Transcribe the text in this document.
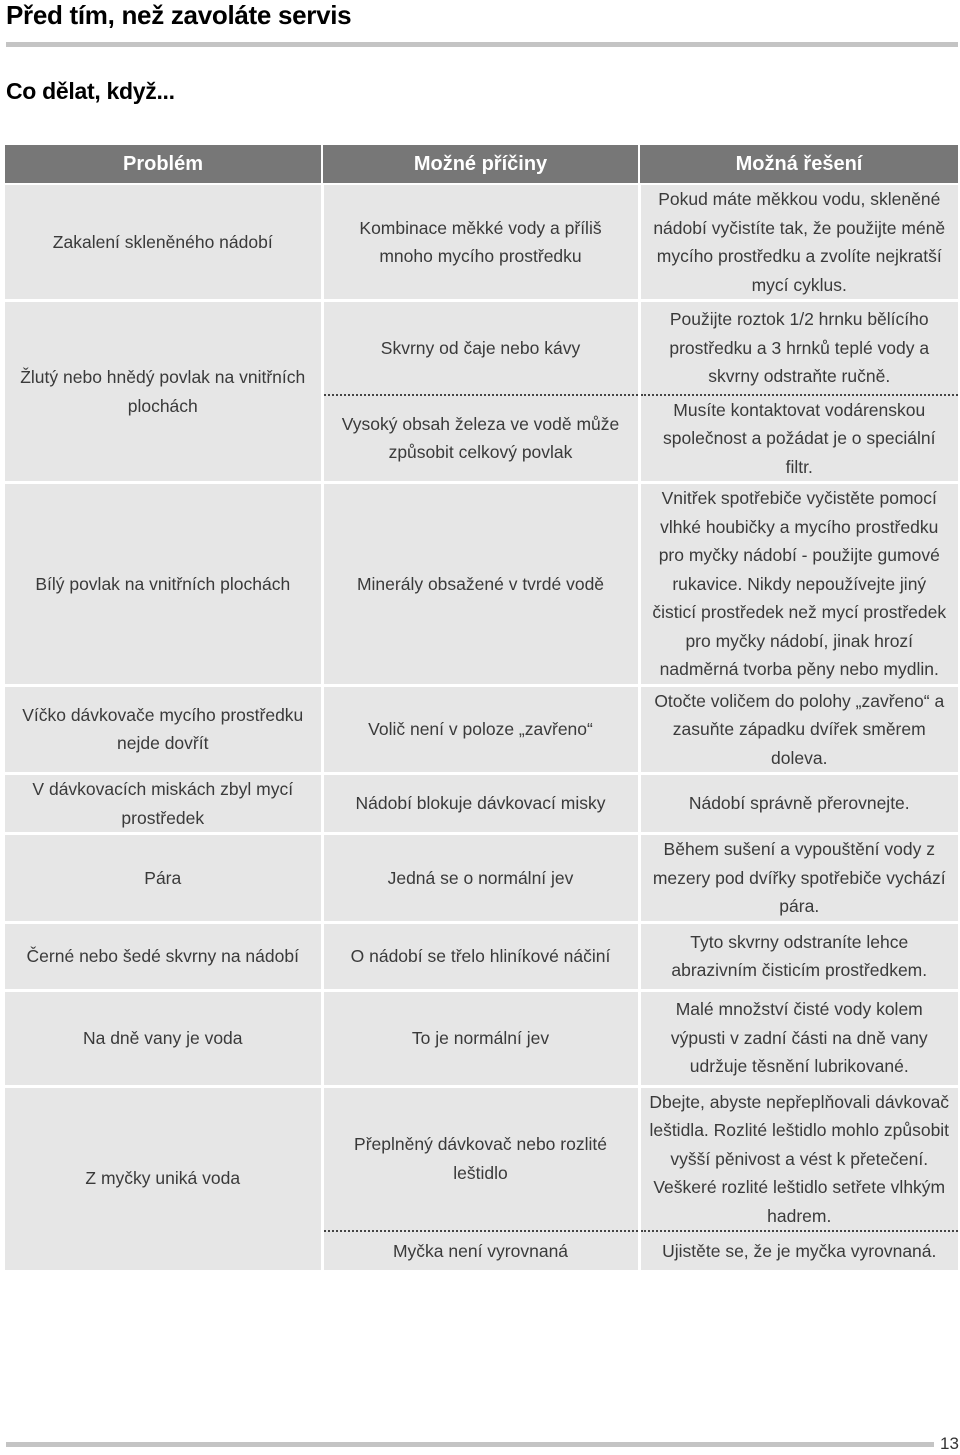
Před tím, než zavoláte servis
Co dělat, když...
Problém	Možné příčiny	Možná řešení
Zakalení skleněného nádobí	Kombinace měkké vody a příliš mnoho mycího prostředku	Pokud máte měkkou vodu, skleněné nádobí vyčistíte tak, že použijte méně mycího prostředku a zvolíte nejkratší mycí cyklus.
Žlutý nebo hnědý povlak na vnitřních plochách	Skvrny od čaje nebo kávy	Použijte roztok 1/2 hrnku bělícího prostředku a 3 hrnků teplé vody a skvrny odstraňte ručně.
	Vysoký obsah železa ve vodě může způsobit celkový povlak	Musíte kontaktovat vodárenskou společnost a požádat je o speciální filtr.
Bílý povlak na vnitřních plochách	Minerály obsažené v tvrdé vodě	Vnitřek spotřebiče vyčistěte pomocí vlhké houbičky a mycího prostředku pro myčky nádobí - použijte gumové rukavice. Nikdy nepoužívejte jiný čisticí prostředek než mycí prostředek pro myčky nádobí, jinak hrozí nadměrná tvorba pěny nebo mydlin.
Víčko dávkovače mycího prostředku nejde dovřít	Volič není v poloze „zavřeno“	Otočte voličem do polohy „zavřeno“ a zasuňte západku dvířek směrem doleva.
V dávkovacích miskách zbyl mycí prostředek	Nádobí blokuje dávkovací misky	Nádobí správně přerovnejte.
Pára	Jedná se o normální jev	Během sušení a vypouštění vody z mezery pod dvířky spotřebiče vychází pára.
Černé nebo šedé skvrny na nádobí	O nádobí se třelo hliníkové náčiní	Tyto skvrny odstraníte lehce abrazivním čisticím prostředkem.
Na dně vany je voda	To je normální jev	Malé množství čisté vody kolem výpusti v zadní části na dně vany udržuje těsnění lubrikované.
Z myčky uniká voda	Přeplněný dávkovač nebo rozlité leštidlo	Dbejte, abyste nepřeplňovali dávkovač leštidla. Rozlité leštidlo mohlo způsobit vyšší pěnivost a vést k přetečení. Veškeré rozlité leštidlo setřete vlhkým hadrem.
	Myčka není vyrovnaná	Ujistěte se, že je myčka vyrovnaná.
13
